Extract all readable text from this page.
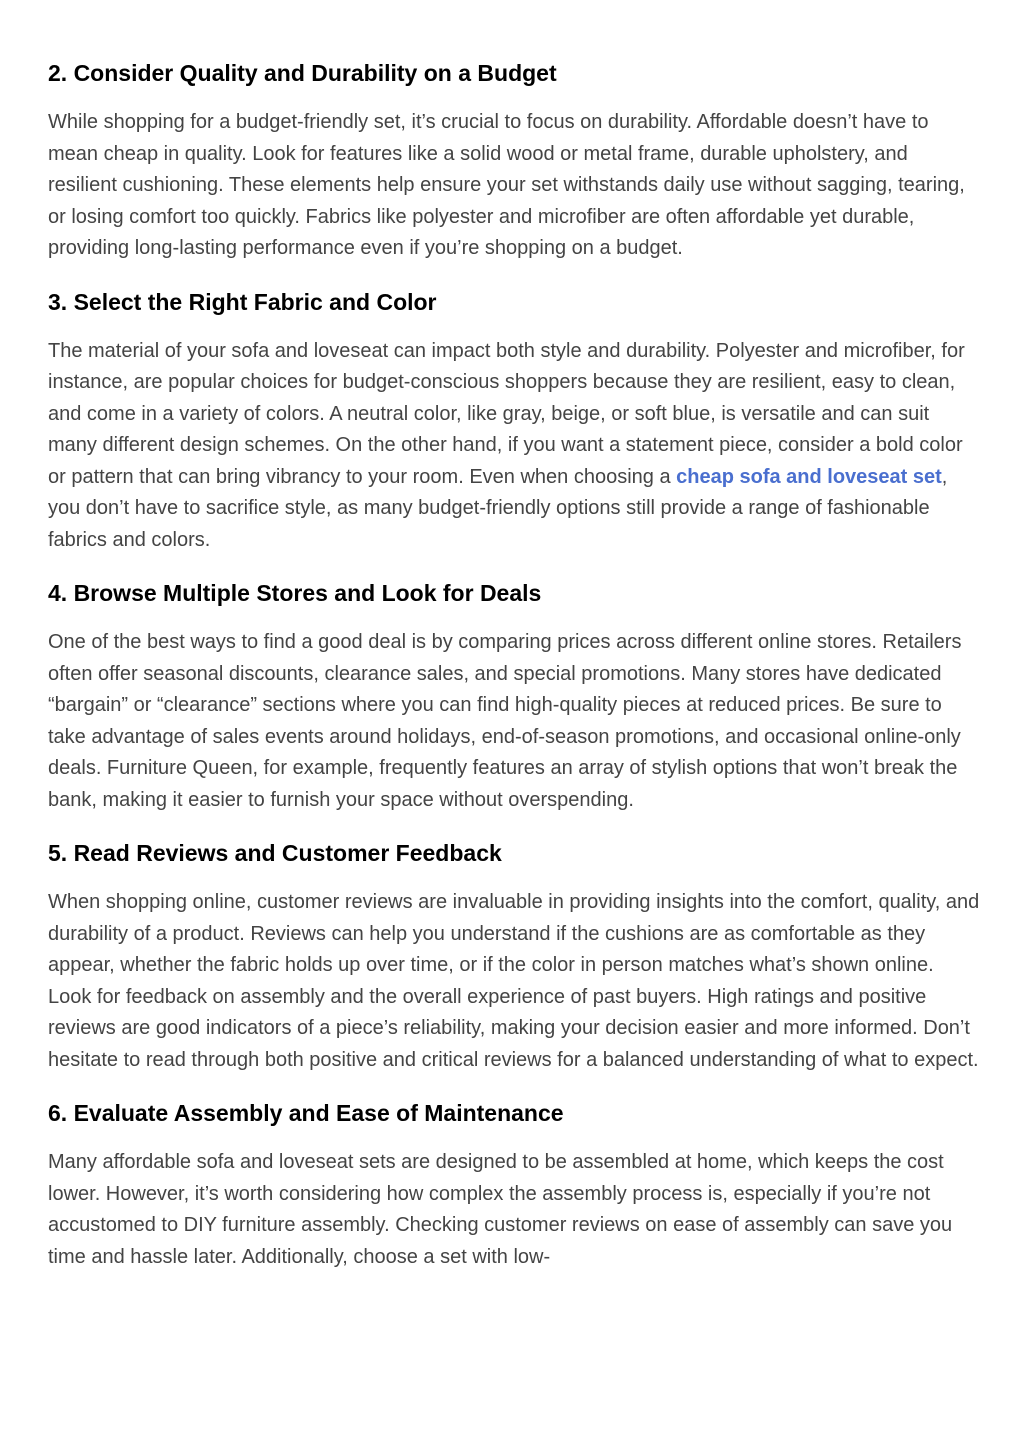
2. Consider Quality and Durability on a Budget

While shopping for a budget-friendly set, it’s crucial to focus on durability. Affordable doesn’t have to mean cheap in quality. Look for features like a solid wood or metal frame, durable upholstery, and resilient cushioning. These elements help ensure your set withstands daily use without sagging, tearing, or losing comfort too quickly. Fabrics like polyester and microfiber are often affordable yet durable, providing long-lasting performance even if you’re shopping on a budget.

3. Select the Right Fabric and Color

The material of your sofa and loveseat can impact both style and durability. Polyester and microfiber, for instance, are popular choices for budget-conscious shoppers because they are resilient, easy to clean, and come in a variety of colors. A neutral color, like gray, beige, or soft blue, is versatile and can suit many different design schemes. On the other hand, if you want a statement piece, consider a bold color or pattern that can bring vibrancy to your room. Even when choosing a cheap sofa and loveseat set, you don’t have to sacrifice style, as many budget-friendly options still provide a range of fashionable fabrics and colors.

4. Browse Multiple Stores and Look for Deals

One of the best ways to find a good deal is by comparing prices across different online stores. Retailers often offer seasonal discounts, clearance sales, and special promotions. Many stores have dedicated “bargain” or “clearance” sections where you can find high-quality pieces at reduced prices. Be sure to take advantage of sales events around holidays, end-of-season promotions, and occasional online-only deals. Furniture Queen, for example, frequently features an array of stylish options that won’t break the bank, making it easier to furnish your space without overspending.

5. Read Reviews and Customer Feedback

When shopping online, customer reviews are invaluable in providing insights into the comfort, quality, and durability of a product. Reviews can help you understand if the cushions are as comfortable as they appear, whether the fabric holds up over time, or if the color in person matches what’s shown online. Look for feedback on assembly and the overall experience of past buyers. High ratings and positive reviews are good indicators of a piece’s reliability, making your decision easier and more informed. Don’t hesitate to read through both positive and critical reviews for a balanced understanding of what to expect.

6. Evaluate Assembly and Ease of Maintenance

Many affordable sofa and loveseat sets are designed to be assembled at home, which keeps the cost lower. However, it’s worth considering how complex the assembly process is, especially if you’re not accustomed to DIY furniture assembly. Checking customer reviews on ease of assembly can save you time and hassle later. Additionally, choose a set with low-
